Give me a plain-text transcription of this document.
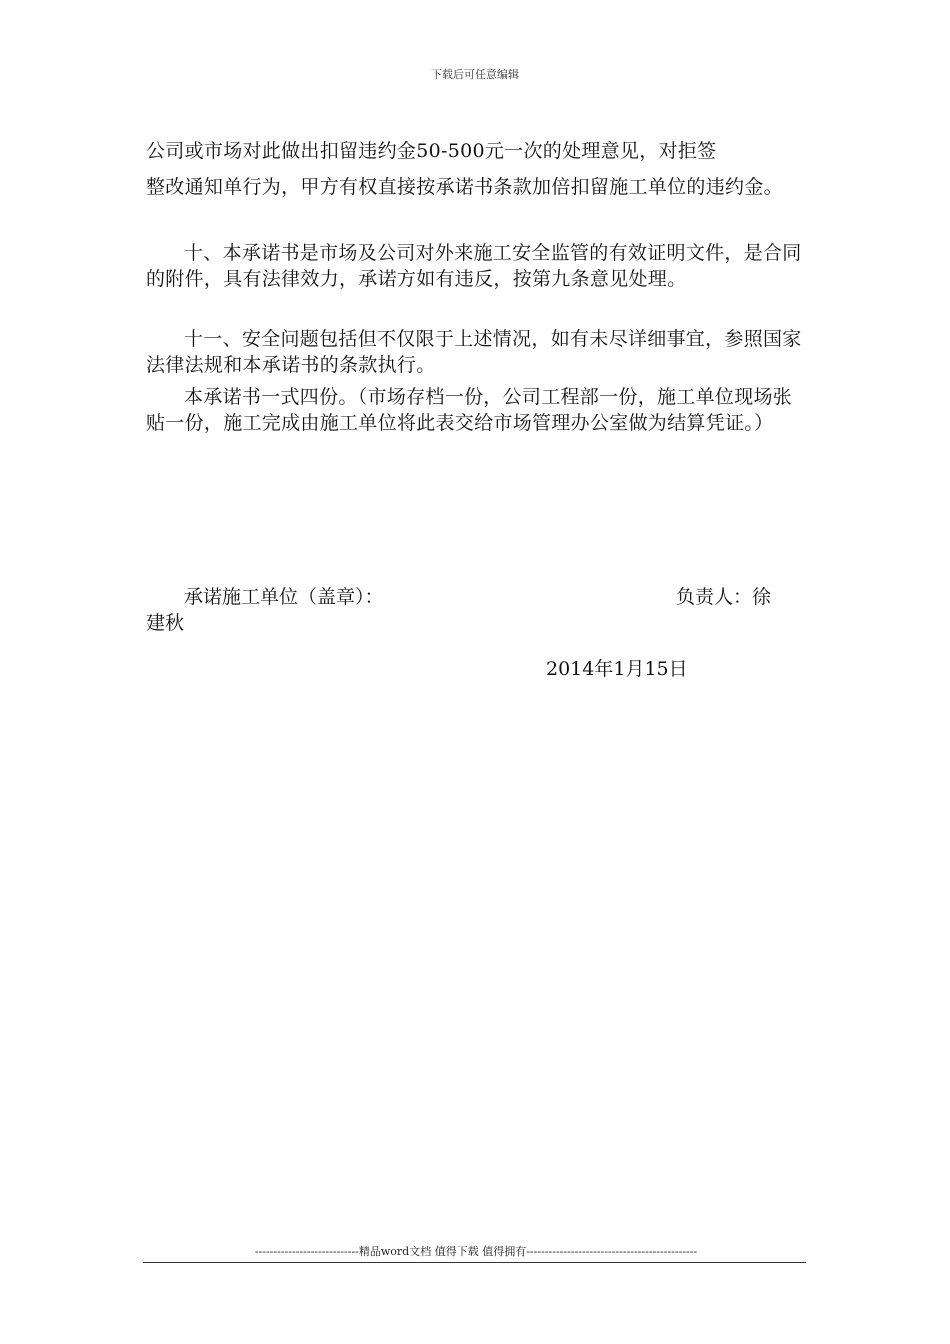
下载后可任意编辑
公司或市场对此做出扣留违约金50-500元一次的处理意见，对拒签
整改通知单行为，甲方有权直接按承诺书条款加倍扣留施工单位的违约金。
十、本承诺书是市场及公司对外来施工安全监管的有效证明文件，是合同的附件，具有法律效力，承诺方如有违反，按第九条意见处理。
十一、安全问题包括但不仅限于上述情况，如有未尽详细事宜，参照国家法律法规和本承诺书的条款执行。
本承诺书一式四份。（市场存档一份，公司工程部一份，施工单位现场张贴一份，施工完成由施工单位将此表交给市场管理办公室做为结算凭证。）
承诺施工单位（盖章）：	负责人：徐
建秋
2014年1月15日
----------------------------精品word文档 值得下载 值得拥有----------------------------------------------
